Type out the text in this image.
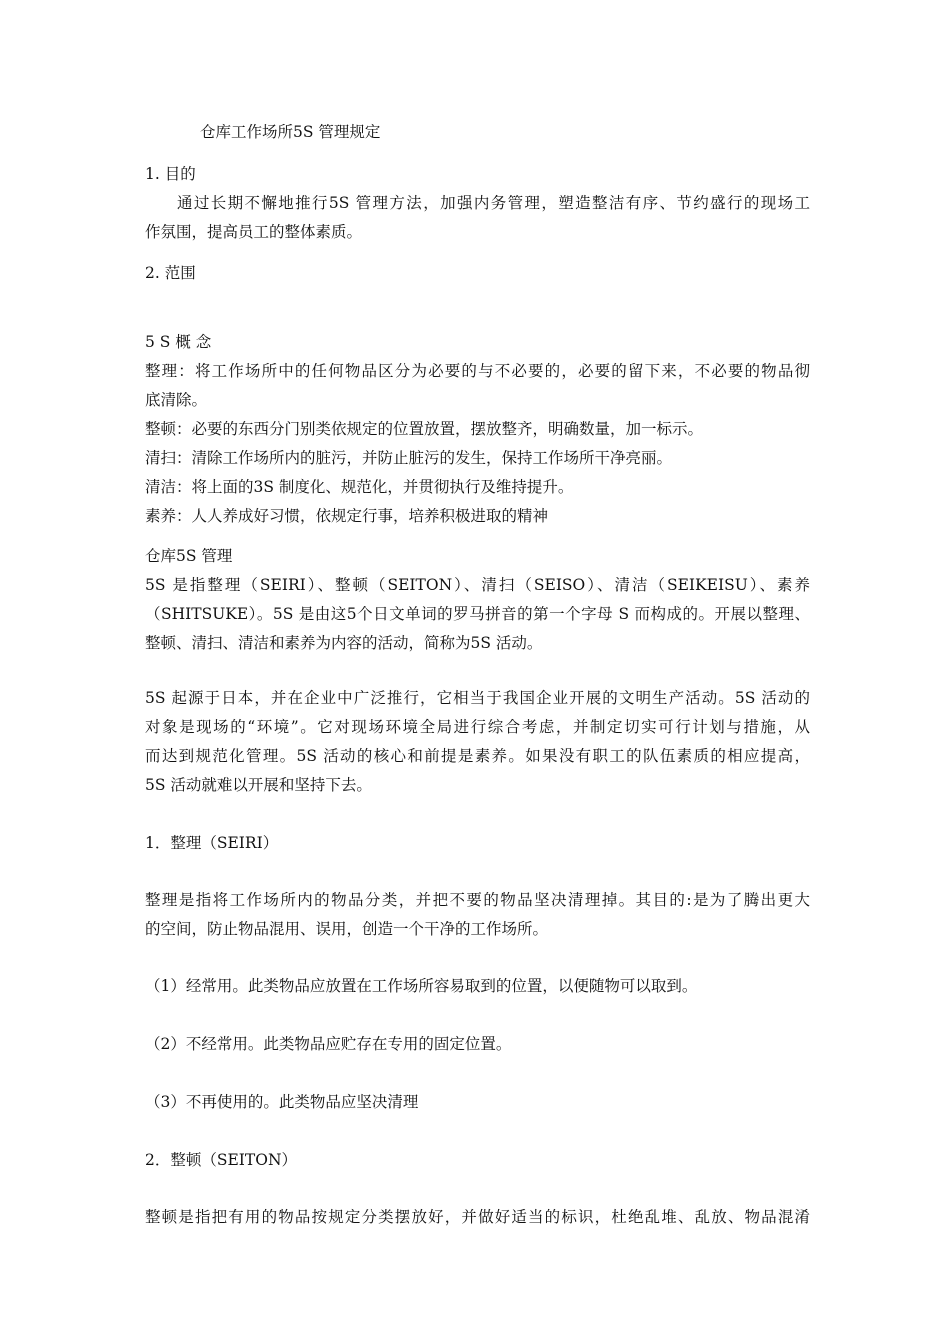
仓库工作场所5S 管理规定
1. 目的
通过长期不懈地推行5S 管理方法，加强内务管理，塑造整洁有序、节约盛行的现场工
作氛围，提高员工的整体素质。
2. 范围
5 S 概 念
整理：将工作场所中的任何物品区分为必要的与不必要的，必要的留下来，不必要的物品彻
底清除。
整顿：必要的东西分门别类依规定的位置放置，摆放整齐，明确数量，加一标示。
清扫：清除工作场所内的脏污，并防止脏污的发生，保持工作场所干净亮丽。
清洁：将上面的3S 制度化、规范化，并贯彻执行及维持提升。
素养：人人养成好习惯，依规定行事，培养积极进取的精神
仓库5S 管理
5S 是指整理（SEIRI）、整顿（SEITON）、清扫（SEISO）、清洁（SEIKEISU）、素养
（SHITSUKE）。5S 是由这5个日文单词的罗马拼音的第一个字母 S 而构成的。开展以整理、
整顿、清扫、清洁和素养为内容的活动，简称为5S 活动。
5S 起源于日本，并在企业中广泛推行，它相当于我国企业开展的文明生产活动。5S 活动的
对象是现场的“环境”。它对现场环境全局进行综合考虑，并制定切实可行计划与措施，从
而达到规范化管理。5S 活动的核心和前提是素养。如果没有职工的队伍素质的相应提高，
5S 活动就难以开展和坚持下去。
1．整理（SEIRI）
整理是指将工作场所内的物品分类，并把不要的物品坚决清理掉。其目的:是为了腾出更大
的空间，防止物品混用、误用，创造一个干净的工作场所。
（1）经常用。此类物品应放置在工作场所容易取到的位置，以便随物可以取到。
（2）不经常用。此类物品应贮存在专用的固定位置。
（3）不再使用的。此类物品应坚决清理
2．整顿（SEITON）
整顿是指把有用的物品按规定分类摆放好，并做好适当的标识，杜绝乱堆、乱放、物品混淆
